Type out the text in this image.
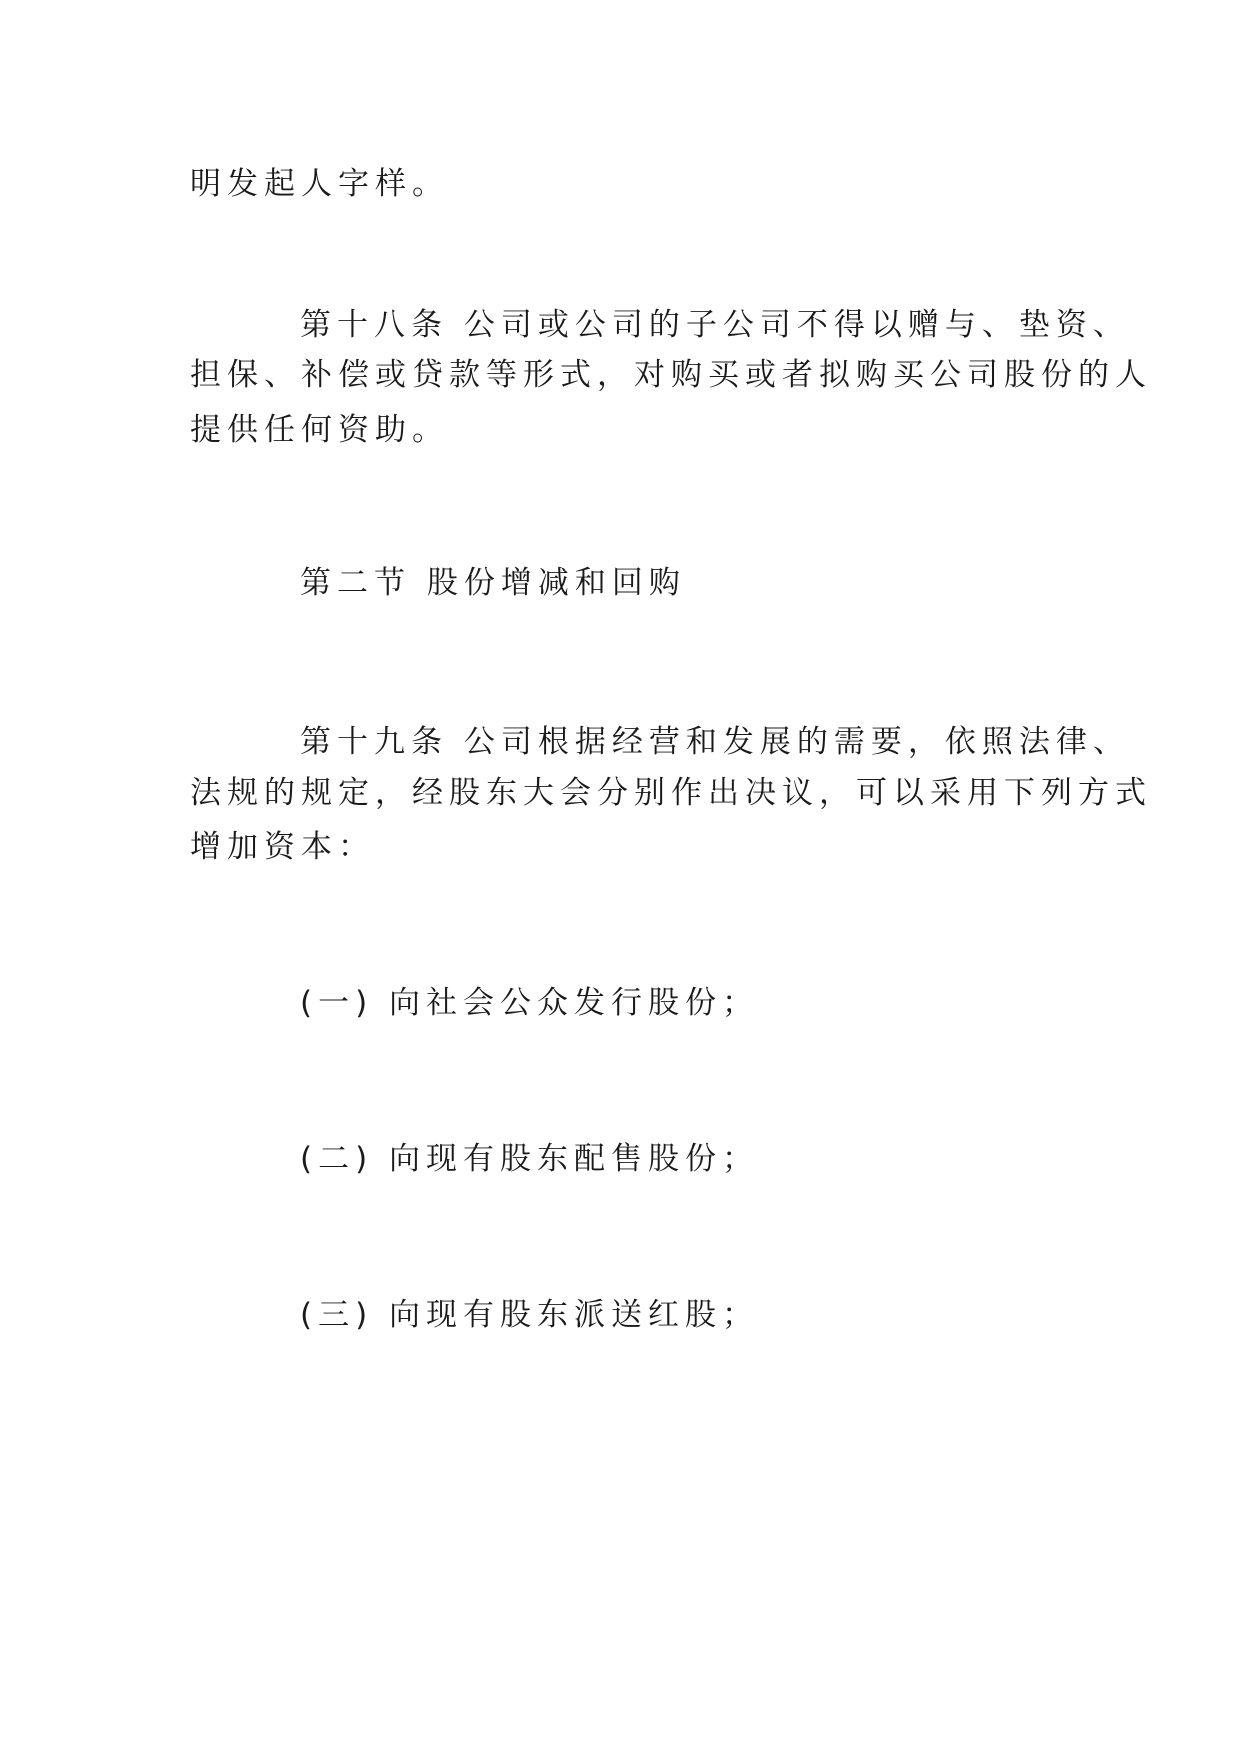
明发起人字样。
第十八条 公司或公司的子公司不得以赠与、垫资、
担保、补偿或贷款等形式，对购买或者拟购买公司股份的人
提供任何资助。
第二节 股份增减和回购
第十九条 公司根据经营和发展的需要，依照法律、
法规的规定，经股东大会分别作出决议，可以采用下列方式
增加资本：
(一) 向社会公众发行股份；
(二) 向现有股东配售股份；
(三) 向现有股东派送红股；
